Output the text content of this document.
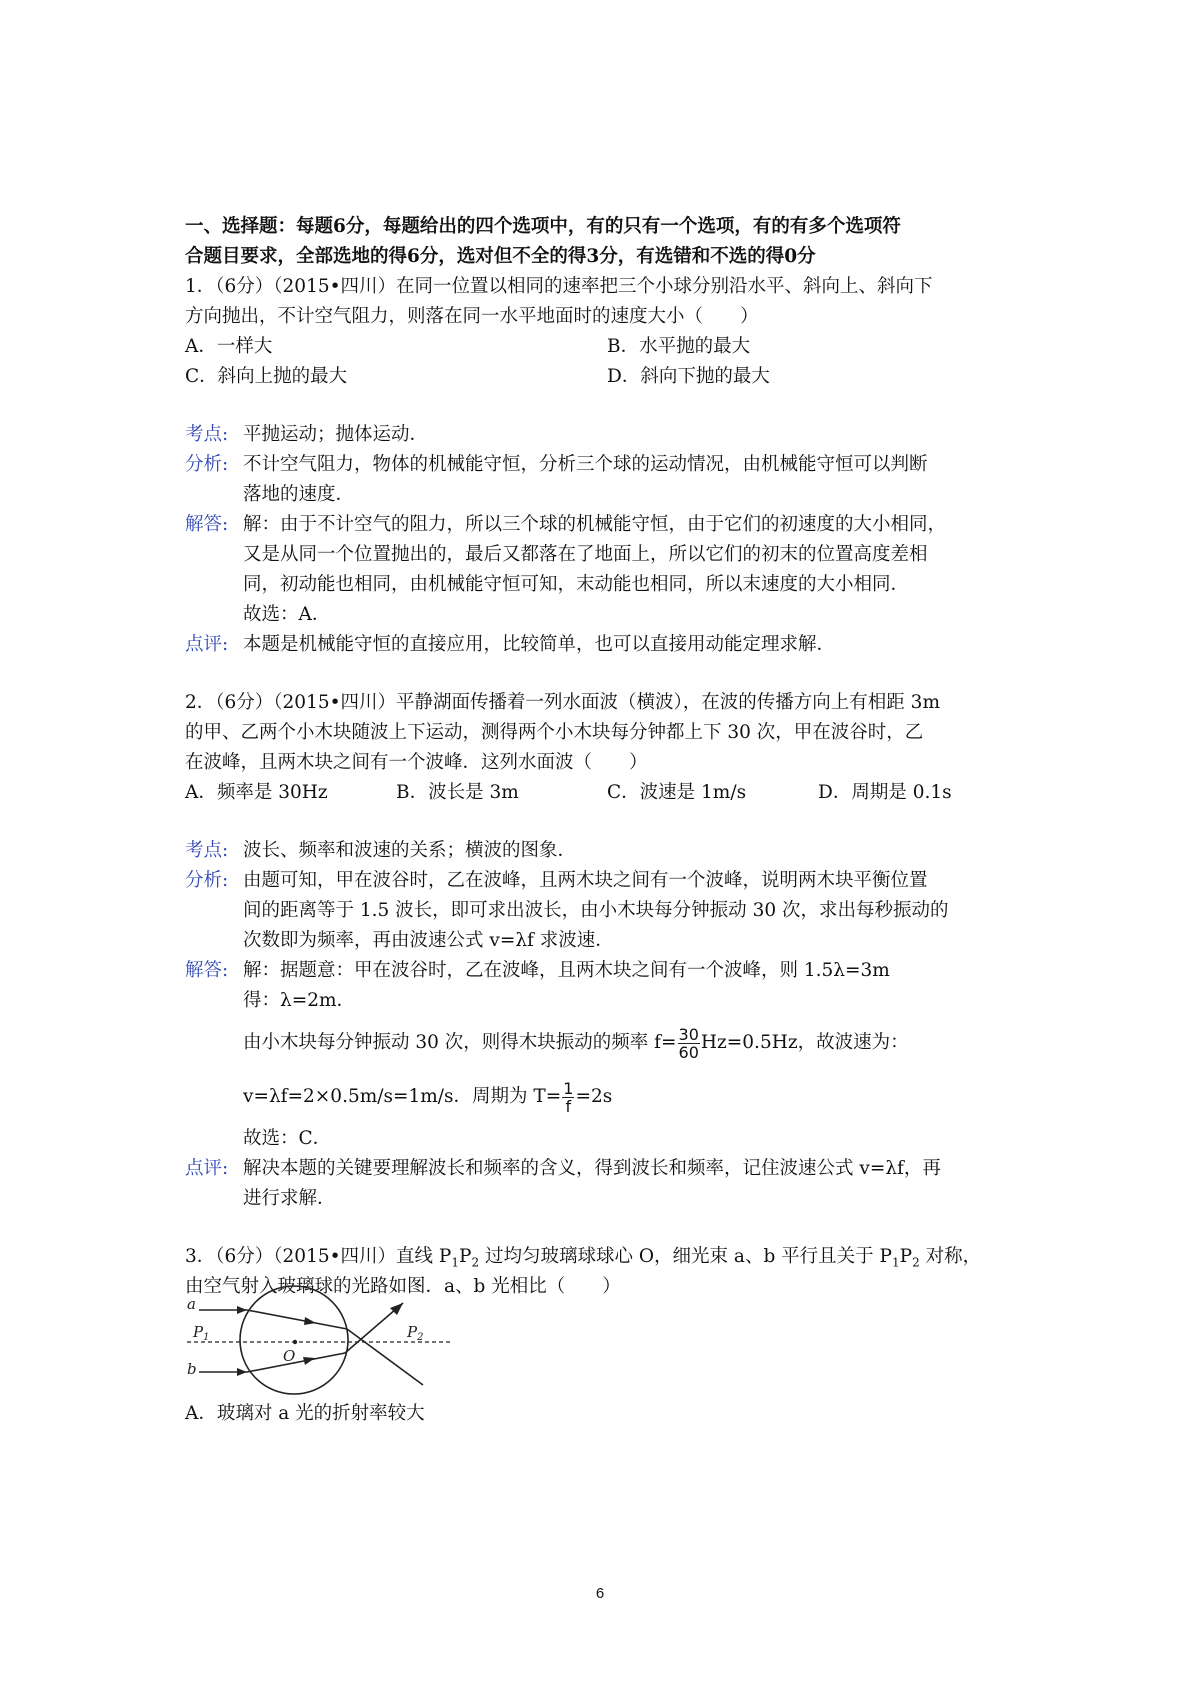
一、选择题：每题6分，每题给出的四个选项中，有的只有一个选项，有的有多个选项符
合题目要求，全部选地的得6分，选对但不全的得3分，有选错和不选的得0分
1．（6分）（2015•四川）在同一位置以相同的速率把三个小球分别沿水平、斜向上、斜向下
方向抛出，不计空气阻力，则落在同一水平地面时的速度大小（　　）
A．一样大	B．水平抛的最大
C．斜向上抛的最大	D．斜向下抛的最大
考点: 平抛运动；抛体运动．
分析: 不计空气阻力，物体的机械能守恒，分析三个球的运动情况，由机械能守恒可以判断
落地的速度．
解答: 解：由于不计空气的阻力，所以三个球的机械能守恒，由于它们的初速度的大小相同，
又是从同一个位置抛出的，最后又都落在了地面上，所以它们的初末的位置高度差相
同，初动能也相同，由机械能守恒可知，末动能也相同，所以末速度的大小相同．
故选：A．
点评: 本题是机械能守恒的直接应用，比较简单，也可以直接用动能定理求解．
2．（6分）（2015•四川）平静湖面传播着一列水面波（横波），在波的传播方向上有相距 3m
的甲、乙两个小木块随波上下运动，测得两个小木块每分钟都上下 30 次，甲在波谷时，乙
在波峰，且两木块之间有一个波峰．这列水面波（　　）
A．频率是 30Hz	B．波长是 3m	C．波速是 1m/s	D．周期是 0.1s
考点: 波长、频率和波速的关系；横波的图象．
分析: 由题可知，甲在波谷时，乙在波峰，且两木块之间有一个波峰，说明两木块平衡位置
间的距离等于 1.5 波长，即可求出波长，由小木块每分钟振动 30 次，求出每秒振动的
次数即为频率，再由波速公式 v=λf 求波速．
解答: 解：据题意：甲在波谷时，乙在波峰，且两木块之间有一个波峰，则 1.5λ=3m
得：λ=2m．
由小木块每分钟振动 30 次，则得木块振动的频率 $f= \frac{30}{60} Hz=0.5Hz$，故波速为：
v=λf=2×0.5m/s=1m/s．周期为 $T= \frac{1}{f} =2s$
故选：C．
点评: 解决本题的关键要理解波长和频率的含义，得到波长和频率，记住波速公式 v=λf，再
进行求解．
3．（6分）（2015•四川）直线 $P_1P_2$ 过均匀玻璃球球心 O，细光束 a、b 平行且关于 $P_1P_2$ 对称，
由空气射入玻璃球的光路如图．a、b 光相比（　　）
a
b
$P_1$	$P_2$
O
A．玻璃对 a 光的折射率较大
6
